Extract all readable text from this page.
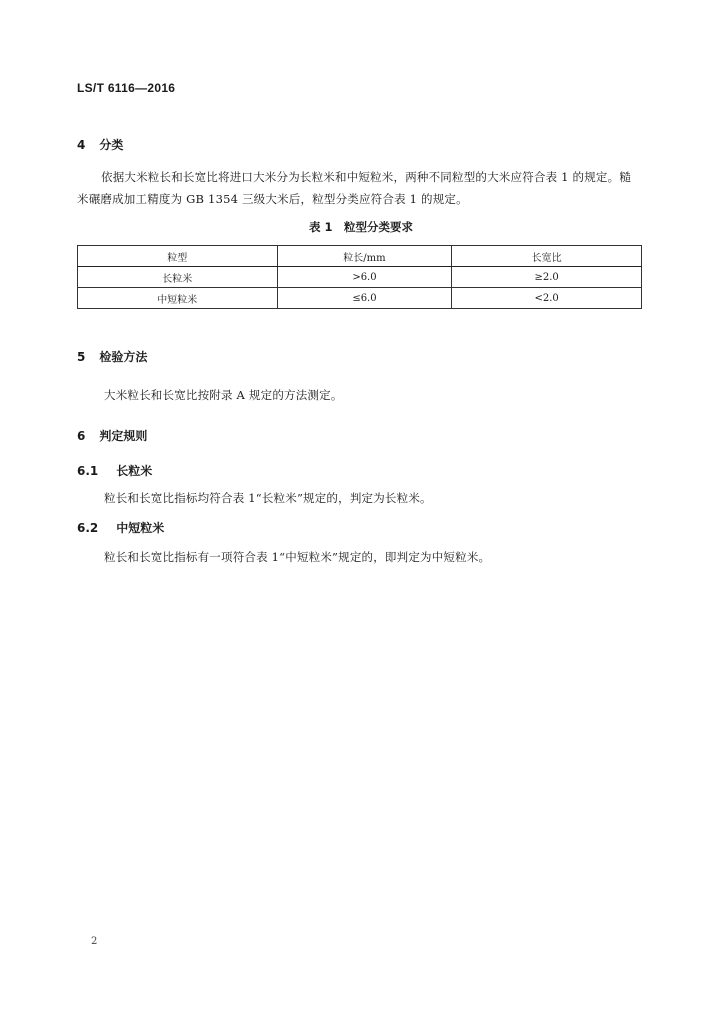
LS/T 6116—2016
4 分类
依据大米粒长和长宽比将进口大米分为长粒米和中短粒米，两种不同粒型的大米应符合表 1 的规定。糙米碾磨成加工精度为 GB 1354 三级大米后，粒型分类应符合表 1 的规定。
表 1　粒型分类要求
粒型	粒长/mm	长宽比
长粒米	>6.0	≥2.0
中短粒米	≤6.0	<2.0
5 检验方法
大米粒长和长宽比按附录 A 规定的方法测定。
6 判定规则
6.1 长粒米
粒长和长宽比指标均符合表 1“长粒米”规定的，判定为长粒米。
6.2 中短粒米
粒长和长宽比指标有一项符合表 1“中短粒米”规定的，即判定为中短粒米。
2
